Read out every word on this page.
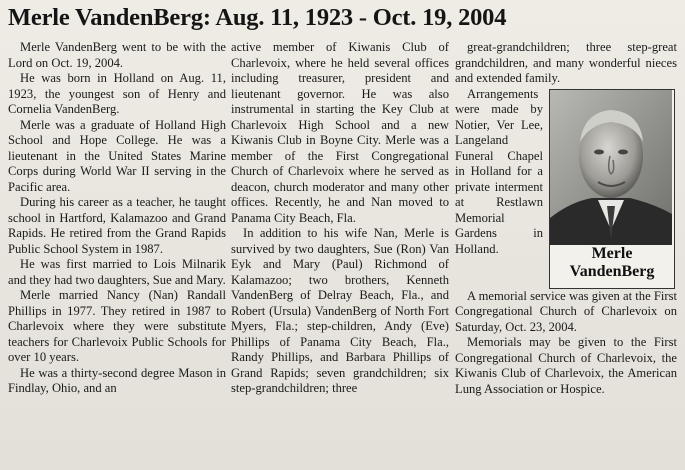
Merle VandenBerg: Aug. 11, 1923 - Oct. 19, 2004

Merle VandenBerg went to be with the Lord on Oct. 19, 2004.

He was born in Holland on Aug. 11, 1923, the youngest son of Henry and Cornelia VandenBerg.

Merle was a graduate of Holland High School and Hope College. He was a lieutenant in the United States Marine Corps during World War II serving in the Pacific area.

During his career as a teacher, he taught school in Hartford, Kalamazoo and Grand Rapids. He retired from the Grand Rapids Public School System in 1987.

He was first married to Lois Milnarik and they had two daughters, Sue and Mary.

Merle married Nancy (Nan) Randall Phillips in 1977. They retired in 1987 to Charlevoix where they were substitute teachers for Charlevoix Public Schools for over 10 years.

He was a thirty-second degree Mason in Findlay, Ohio, and an

active member of Kiwanis Club of Charlevoix, where he held several offices including treasurer, president and lieutenant governor. He was also instrumental in starting the Key Club at Charlevoix High School and a new Kiwanis Club in Boyne City. Merle was a member of the First Congregational Church of Charlevoix where he served as deacon, church moderator and many other offices. Recently, he and Nan moved to Panama City Beach, Fla.

In addition to his wife Nan, Merle is survived by two daughters, Sue (Ron) Van Eyk and Mary (Paul) Richmond of Kalamazoo; two brothers, Kenneth VandenBerg of Delray Beach, Fla., and Robert (Ursula) VandenBerg of North Fort Myers, Fla.; step-children, Andy (Eve) Phillips of Panama City Beach, Fla., Randy Phillips, and Barbara Phillips of Grand Rapids; seven grandchildren; six step-grandchildren; three

great-grandchildren; three step-great grandchildren, and many wonderful nieces and extended family.

Arrangements were made by Notier, Ver Lee, Langeland Funeral Chapel in Holland for a private interment at Restlawn Memorial Gardens in Holland.	Merle VandenBerg

A memorial service was given at the First Congregational Church of Charlevoix on Saturday, Oct. 23, 2004.

Memorials may be given to the First Congregational Church of Charlevoix, the Kiwanis Club of Charlevoix, the American Lung Association or Hospice.
